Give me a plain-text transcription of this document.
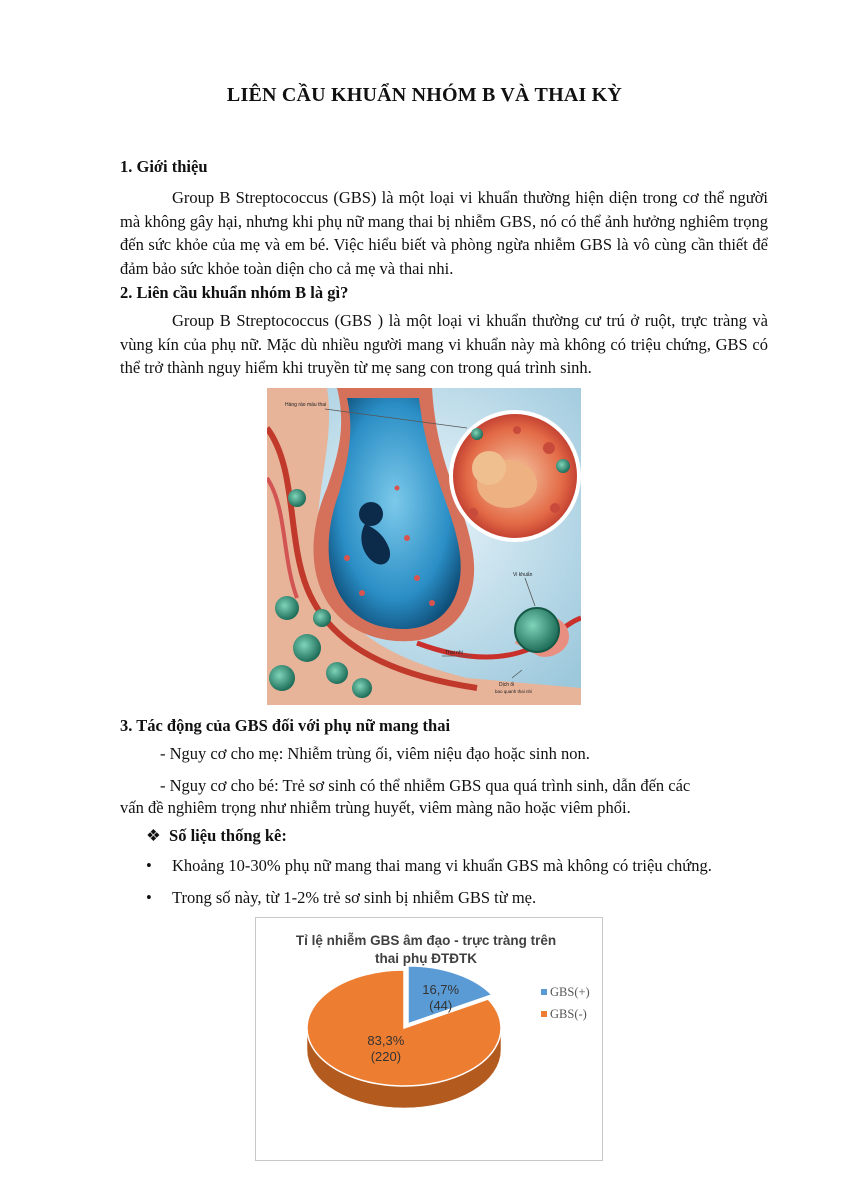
LIÊN CẦU KHUẨN NHÓM B VÀ THAI KỲ
1. Giới thiệu
Group B Streptococcus (GBS) là một loại vi khuẩn thường hiện diện trong cơ thể người mà không gây hại, nhưng khi phụ nữ mang thai bị nhiễm GBS, nó có thể ảnh hưởng nghiêm trọng đến sức khỏe của mẹ và em bé. Việc hiểu biết và phòng ngừa nhiễm GBS là vô cùng cần thiết để đảm bảo sức khỏe toàn diện cho cả mẹ và thai nhi.
2. Liên cầu khuẩn nhóm B là gì?
Group B Streptococcus (GBS ) là một loại vi khuẩn thường cư trú ở ruột, trực tràng và vùng kín của phụ nữ. Mặc dù nhiều người mang vi khuẩn này mà không có triệu chứng, GBS có thể trở thành nguy hiểm khi truyền từ mẹ sang con trong quá trình sinh.
Hàng rào màu thai
Vi khuẩn
Thai nhi
Dịch ối
bao quanh thai nhi
3. Tác động của GBS đối với phụ nữ mang thai
- Nguy cơ cho mẹ: Nhiễm trùng ối, viêm niệu đạo hoặc sinh non.
- Nguy cơ cho bé: Trẻ sơ sinh có thể nhiễm GBS qua quá trình sinh, dẫn đến các
vấn đề nghiêm trọng như nhiễm trùng huyết, viêm màng não hoặc viêm phổi.
❖ Số liệu thống kê:
• Khoảng 10-30% phụ nữ mang thai mang vi khuẩn GBS mà không có triệu chứng.
• Trong số này, từ 1-2% trẻ sơ sinh bị nhiễm GBS từ mẹ.
Tỉ lệ nhiễm GBS âm đạo - trực tràng trên
thai phụ ĐTĐTK
16,7%
(44)
83,3%
(220)
GBS(+)
GBS(-)
